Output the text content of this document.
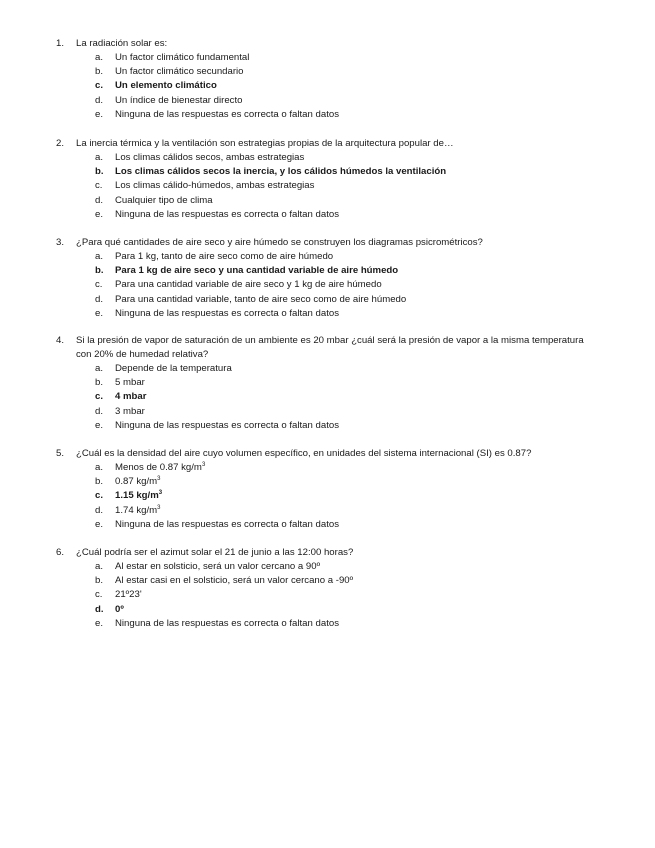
1.	La radiación solar es:
a.	Un factor climático fundamental
b.	Un factor climático secundario
c.	Un elemento climático
d.	Un índice de bienestar directo
e.	Ninguna de las respuestas es correcta o faltan datos
2.	La inercia térmica y la ventilación son estrategias propias de la arquitectura popular de…
a.	Los climas cálidos secos, ambas estrategias
b.	Los climas cálidos secos la inercia, y los cálidos húmedos la ventilación
c.	Los climas cálido-húmedos, ambas estrategias
d.	Cualquier tipo de clima
e.	Ninguna de las respuestas es correcta o faltan datos
3.	¿Para qué cantidades de aire seco y aire húmedo se construyen los diagramas psicrométricos?
a.	Para 1 kg, tanto de aire seco como de aire húmedo
b.	Para 1 kg de aire seco y una cantidad variable de aire húmedo
c.	Para una cantidad variable de aire seco y 1 kg de aire húmedo
d.	Para una cantidad variable, tanto de aire seco como de aire húmedo
e.	Ninguna de las respuestas es correcta o faltan datos
4.	Si la presión de vapor de saturación de un ambiente es 20 mbar ¿cuál será la presión de vapor a la misma temperatura con 20% de humedad relativa?
a.	Depende de la temperatura
b.	5 mbar
c.	4 mbar
d.	3 mbar
e.	Ninguna de las respuestas es correcta o faltan datos
5.	¿Cuál es la densidad del aire cuyo volumen específico, en unidades del sistema internacional (SI) es 0.87?
a.	Menos de 0.87 $kg/m^3$
b.	0.87 $kg/m^3$
c.	1.15 $kg/m^3$
d.	1.74 $kg/m^3$
e.	Ninguna de las respuestas es correcta o faltan datos
6.	¿Cuál podría ser el azimut solar el 21 de junio a las 12:00 horas?
a.	Al estar en solsticio, será un valor cercano a 90º
b.	Al estar casi en el solsticio, será un valor cercano a -90º
c.	21º23'
d.	0º
e.	Ninguna de las respuestas es correcta o faltan datos
